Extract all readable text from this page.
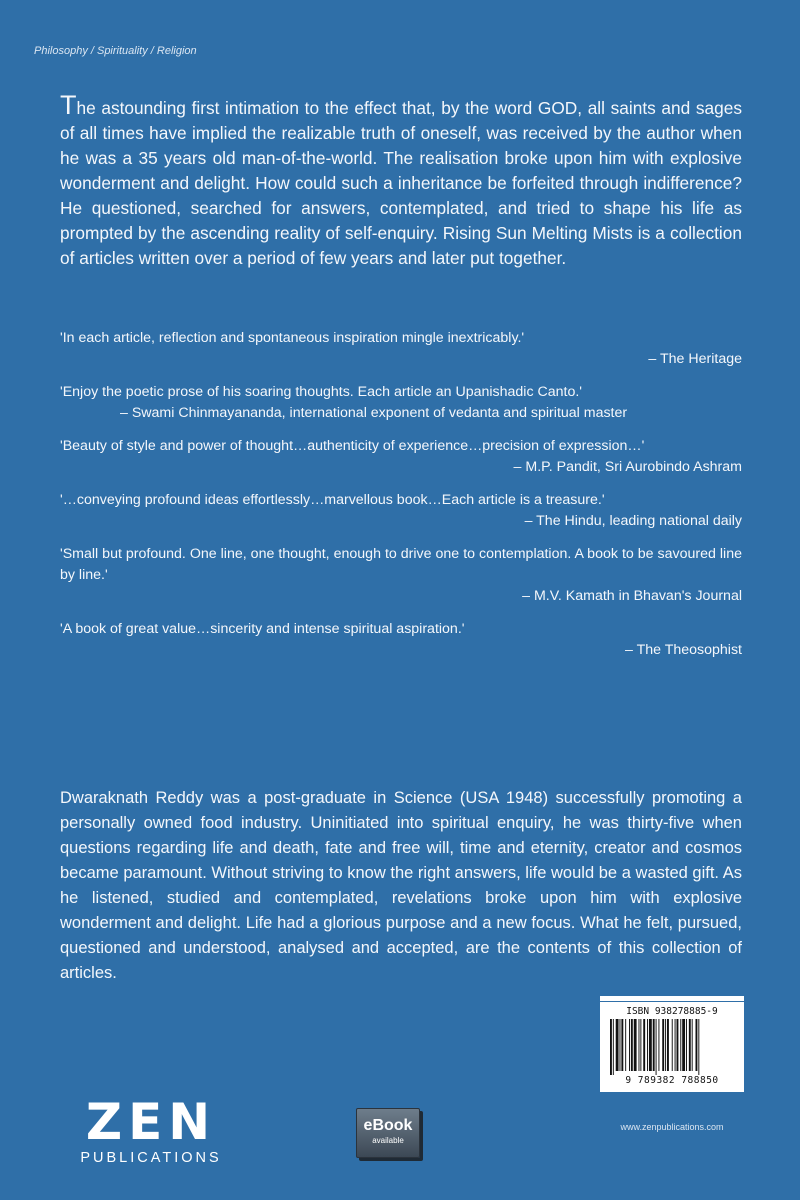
Philosophy / Spirituality / Religion

The astounding first intimation to the effect that, by the word GOD, all saints and sages of all times have implied the realizable truth of oneself, was received by the author when he was a 35 years old man-of-the-world. The realisation broke upon him with explosive wonderment and delight. How could such a inheritance be forfeited through indifference? He questioned, searched for answers, contemplated, and tried to shape his life as prompted by the ascending reality of self-enquiry. Rising Sun Melting Mists is a collection of articles written over a period of few years and later put together.

'In each article, reflection and spontaneous inspiration mingle inextricably.'

– The Heritage

'Enjoy the poetic prose of his soaring thoughts. Each article an Upanishadic Canto.'

– Swami Chinmayananda, international exponent of vedanta and spiritual master

'Beauty of style and power of thought…authenticity of experience…precision of expression…'

– M.P. Pandit, Sri Aurobindo Ashram

'…conveying profound ideas effortlessly…marvellous book…Each article is a treasure.'

– The Hindu, leading national daily

'Small but profound. One line, one thought, enough to drive one to contemplation. A book to be savoured line by line.'

– M.V. Kamath in Bhavan's Journal

'A book of great value…sincerity and intense spiritual aspiration.'

– The Theosophist

Dwaraknath Reddy was a post-graduate in Science (USA 1948) successfully promoting a personally owned food industry. Uninitiated into spiritual enquiry, he was thirty-five when questions regarding life and death, fate and free will, time and eternity, creator and cosmos became paramount. Without striving to know the right answers, life would be a wasted gift. As he listened, studied and contemplated, revelations broke upon him with explosive wonderment and delight. Life had a glorious purpose and a new focus. What he felt, pursued, questioned and understood, analysed and accepted, are the contents of this collection of articles.

ZEN
PUBLICATIONS
eBook
available
ISBN 938278885-9
9 789382 788850
www.zenpublications.com
